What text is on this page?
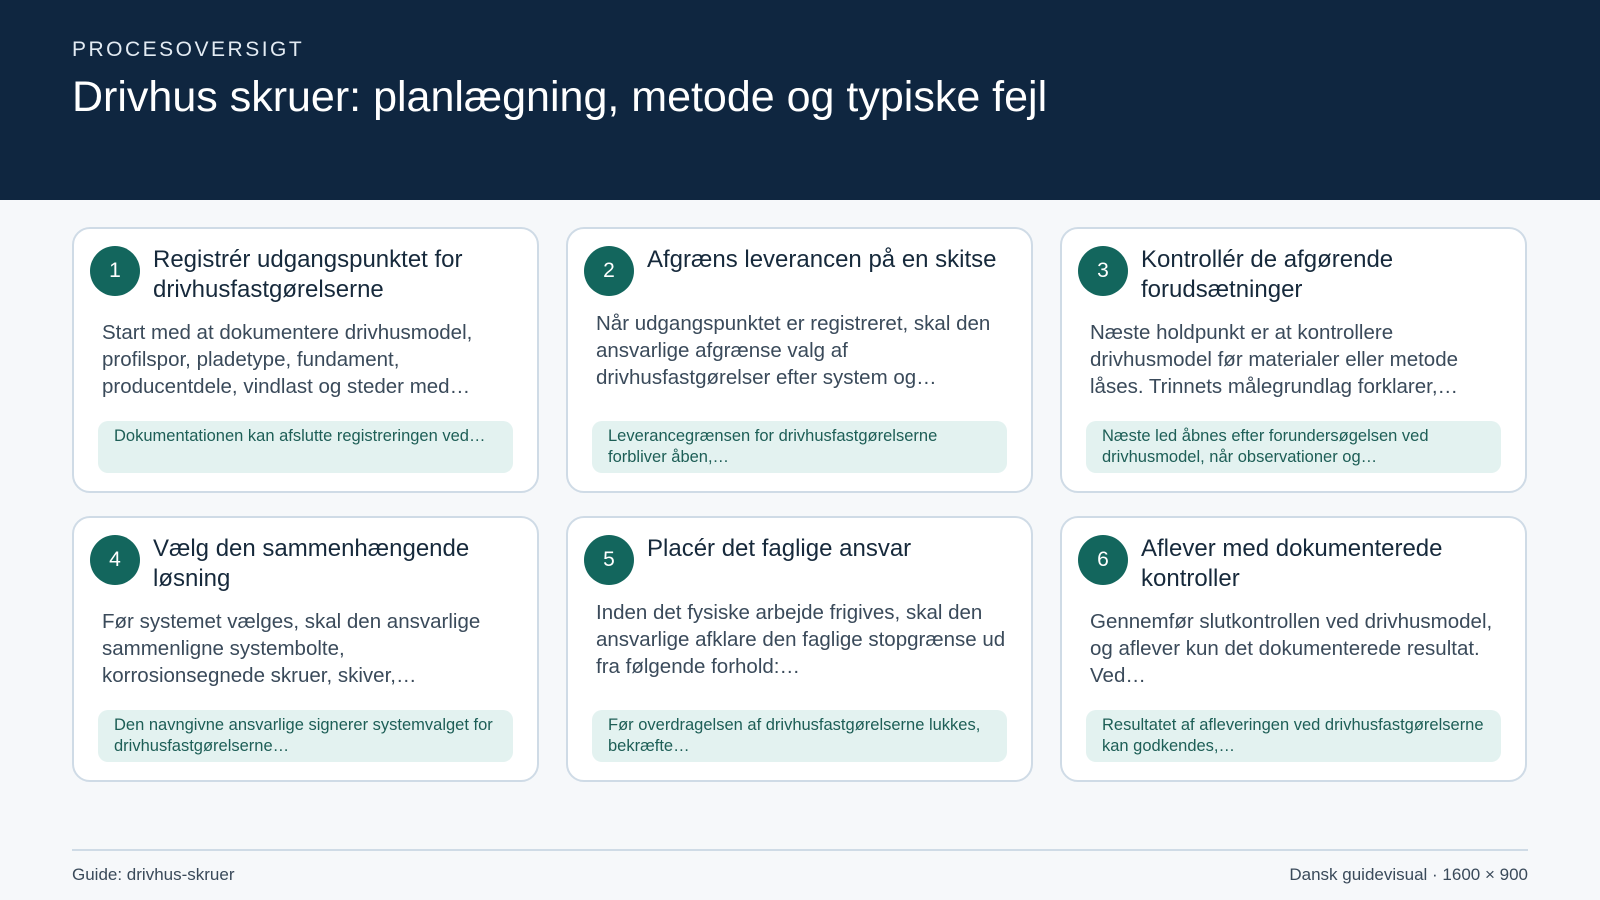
PROCESOVERSIGT
Drivhus skruer: planlægning, metode og typiske fejl
1	Registrér udgangspunktet for drivhusfastgørelserne
Start med at dokumentere drivhusmodel, profilspor, pladetype, fundament, producentdele, vindlast og steder med…
Dokumentationen kan afslutte registreringen ved…
2	Afgræns leverancen på en skitse
Når udgangspunktet er registreret, skal den ansvarlige afgrænse valg af drivhusfastgørelser efter system og…
Leverancegrænsen for drivhusfastgørelserne forbliver åben,…
3	Kontrollér de afgørende forudsætninger
Næste holdpunkt er at kontrollere drivhusmodel før materialer eller metode låses. Trinnets målegrundlag forklarer,…
Næste led åbnes efter forundersøgelsen ved drivhusmodel, når observationer og…
4	Vælg den sammenhængende løsning
Før systemet vælges, skal den ansvarlige sammenligne systembolte, korrosionsegnede skruer, skiver,…
Den navngivne ansvarlige signerer systemvalget for drivhusfastgørelserne…
5	Placér det faglige ansvar
Inden det fysiske arbejde frigives, skal den ansvarlige afklare den faglige stopgrænse ud fra følgende forhold:…
Før overdragelsen af drivhusfastgørelserne lukkes, bekræfte…
6	Aflever med dokumenterede kontroller
Gennemfør slutkontrollen ved drivhusmodel, og aflever kun det dokumenterede resultat. Ved…
Resultatet af afleveringen ved drivhusfastgørelserne kan godkendes,…
Guide: drivhus-skruer	Dansk guidevisual · 1600 × 900
